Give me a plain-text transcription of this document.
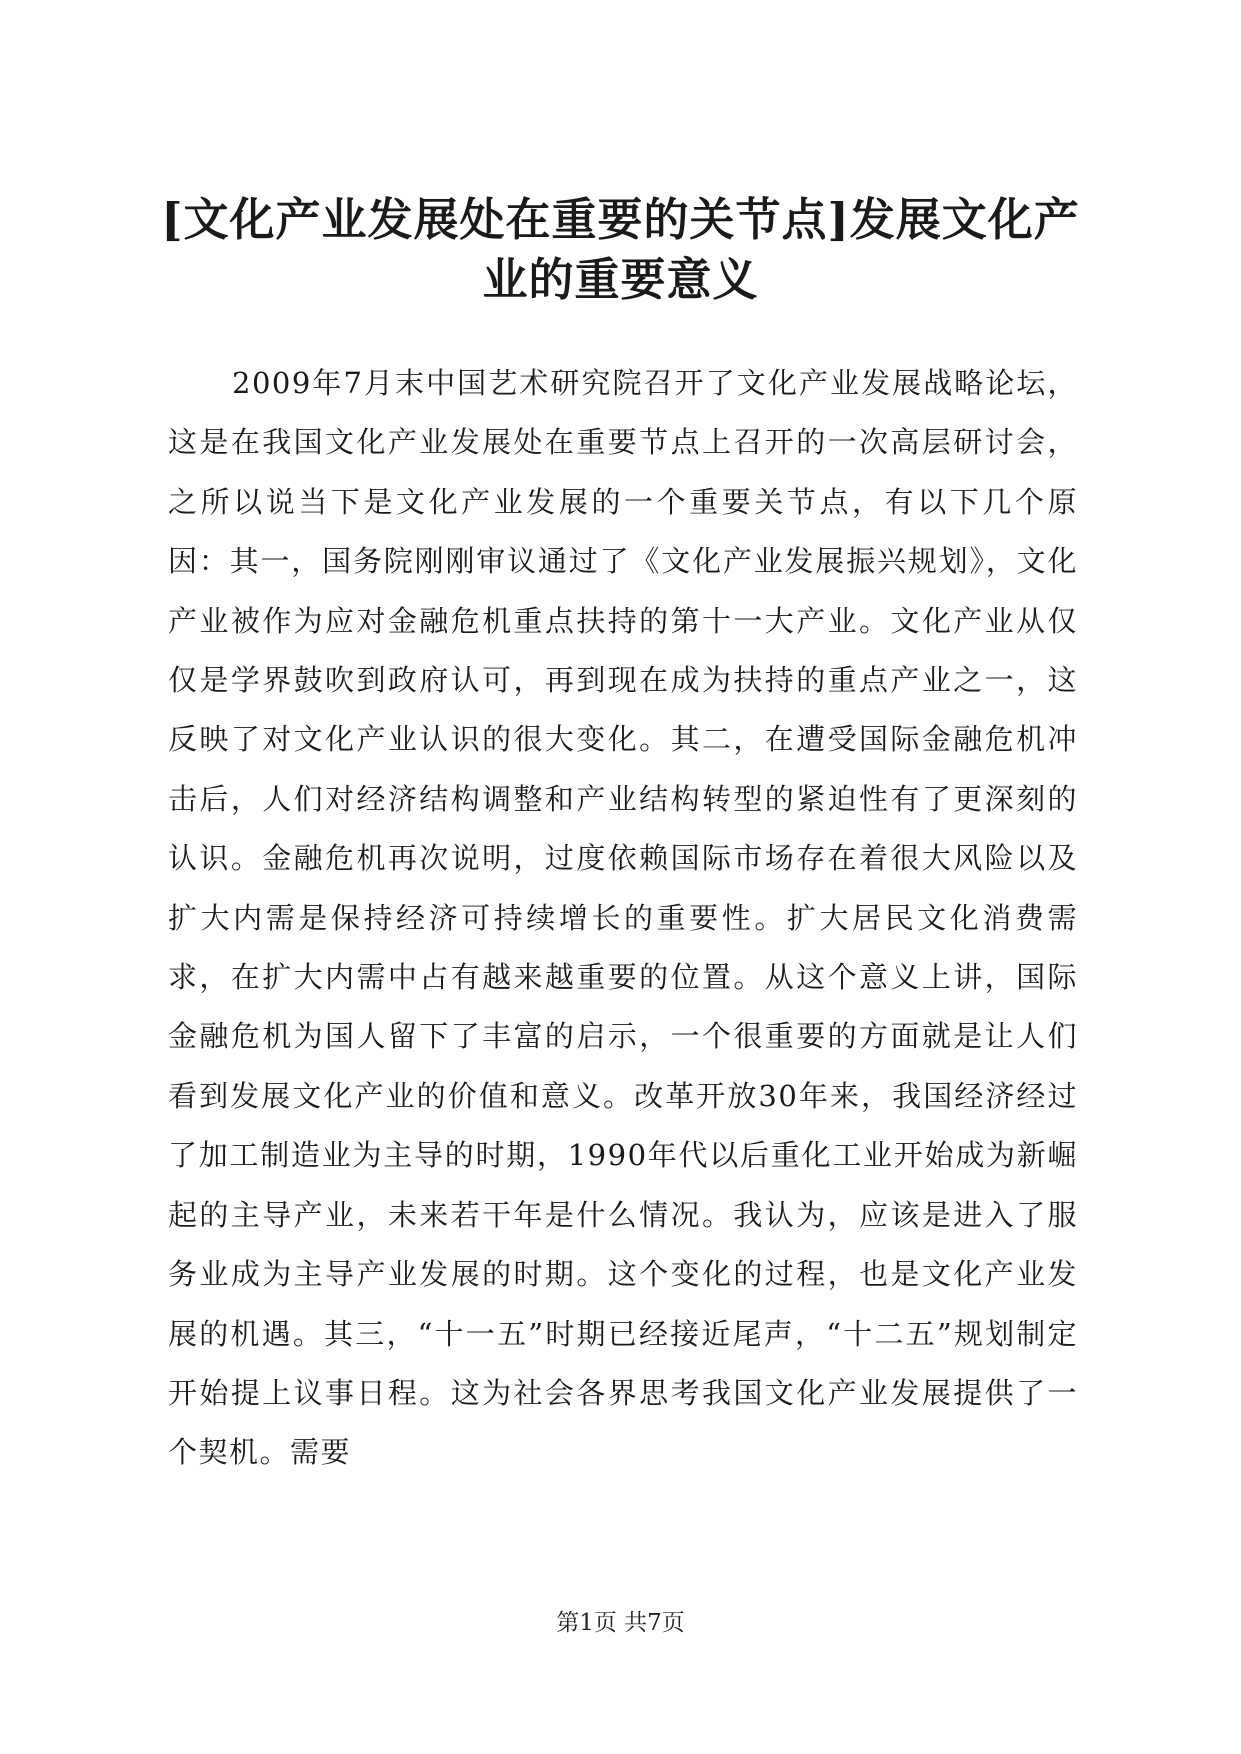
[文化产业发展处在重要的关节点]发展文化产业的重要意义

2009年7月末中国艺术研究院召开了文化产业发展战略论坛，这是在我国文化产业发展处在重要节点上召开的一次高层研讨会，之所以说当下是文化产业发展的一个重要关节点，有以下几个原因：其一，国务院刚刚审议通过了《文化产业发展振兴规划》，文化产业被作为应对金融危机重点扶持的第十一大产业。文化产业从仅仅是学界鼓吹到政府认可，再到现在成为扶持的重点产业之一，这反映了对文化产业认识的很大变化。其二，在遭受国际金融危机冲击后，人们对经济结构调整和产业结构转型的紧迫性有了更深刻的认识。金融危机再次说明，过度依赖国际市场存在着很大风险以及扩大内需是保持经济可持续增长的重要性。扩大居民文化消费需求，在扩大内需中占有越来越重要的位置。从这个意义上讲，国际金融危机为国人留下了丰富的启示，一个很重要的方面就是让人们看到发展文化产业的价值和意义。改革开放30年来，我国经济经过了加工制造业为主导的时期，1990年代以后重化工业开始成为新崛起的主导产业，未来若干年是什么情况。我认为，应该是进入了服务业成为主导产业发展的时期。这个变化的过程，也是文化产业发展的机遇。其三，“十一五”时期已经接近尾声，“十二五”规划制定开始提上议事日程。这为社会各界思考我国文化产业发展提供了一个契机。需要

第1页 共7页
